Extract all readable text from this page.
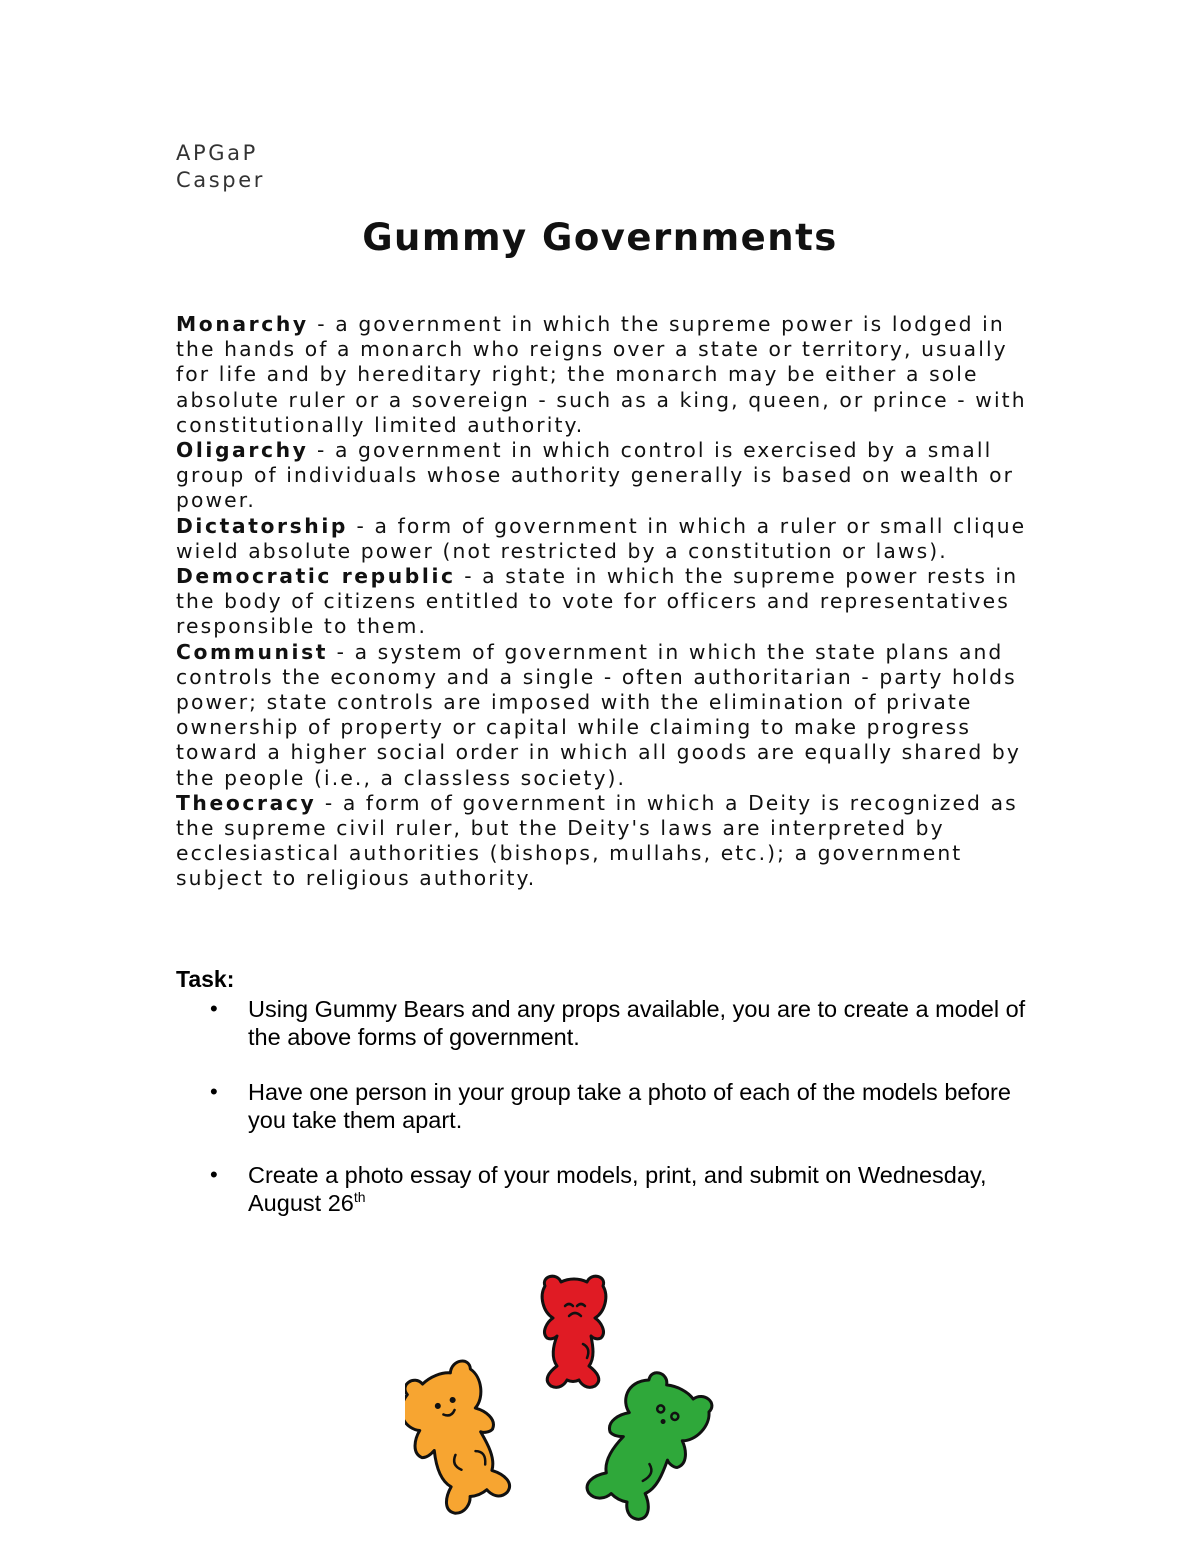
APGaP
Casper
Gummy Governments

Monarchy - a government in which the supreme power is lodged in the hands of a monarch who reigns over a state or territory, usually for life and by hereditary right; the monarch may be either a sole absolute ruler or a sovereign - such as a king, queen, or prince - with constitutionally limited authority.

Oligarchy - a government in which control is exercised by a small group of individuals whose authority generally is based on wealth or power.

Dictatorship - a form of government in which a ruler or small clique wield absolute power (not restricted by a constitution or laws).

Democratic republic - a state in which the supreme power rests in the body of citizens entitled to vote for officers and representatives responsible to them.

Communist - a system of government in which the state plans and controls the economy and a single - often authoritarian - party holds power; state controls are imposed with the elimination of private ownership of property or capital while claiming to make progress toward a higher social order in which all goods are equally shared by the people (i.e., a classless society).

Theocracy - a form of government in which a Deity is recognized as the supreme civil ruler, but the Deity's laws are interpreted by ecclesiastical authorities (bishops, mullahs, etc.); a government subject to religious authority.

Task:
• Using Gummy Bears and any props available, you are to create a model of the above forms of government.
• Have one person in your group take a photo of each of the models before you take them apart.
• Create a photo essay of your models, print, and submit on Wednesday, August 26th
